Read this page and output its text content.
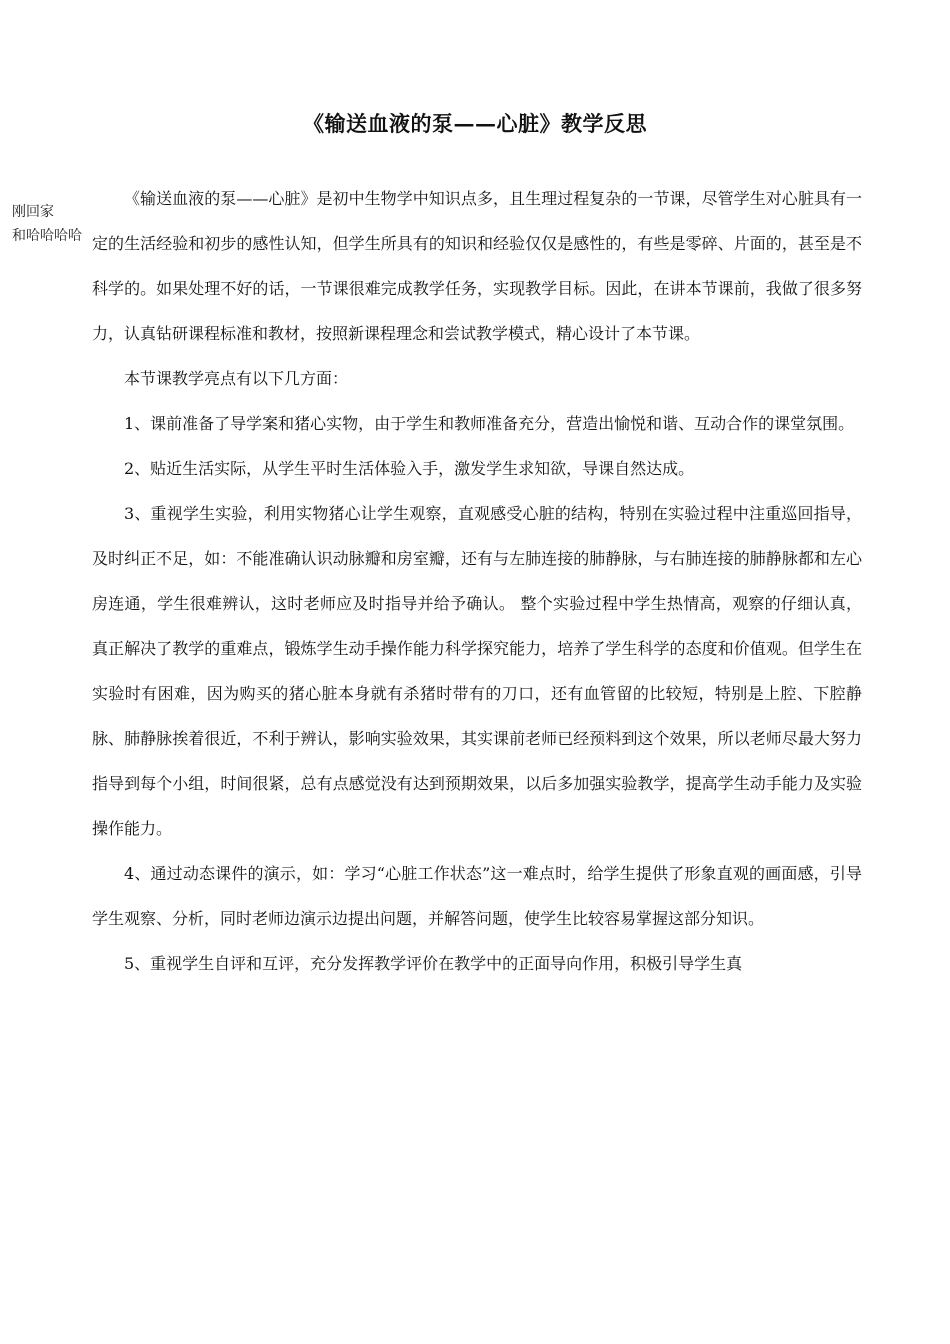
《输送血液的泵——心脏》教学反思
刚回家
和哈哈哈哈

《输送血液的泵——心脏》是初中生物学中知识点多，且生理过程复杂的一节课，尽管学生对心脏具有一定的生活经验和初步的感性认知，但学生所具有的知识和经验仅仅是感性的，有些是零碎、片面的，甚至是不科学的。如果处理不好的话，一节课很难完成教学任务，实现教学目标。因此，在讲本节课前，我做了很多努力，认真钻研课程标准和教材，按照新课程理念和尝试教学模式，精心设计了本节课。

本节课教学亮点有以下几方面：

1、课前准备了导学案和猪心实物，由于学生和教师准备充分，营造出愉悦和谐、互动合作的课堂氛围。

2、贴近生活实际，从学生平时生活体验入手，激发学生求知欲，导课自然达成。

3、重视学生实验，利用实物猪心让学生观察，直观感受心脏的结构，特别在实验过程中注重巡回指导，及时纠正不足，如：不能准确认识动脉瓣和房室瓣，还有与左肺连接的肺静脉，与右肺连接的肺静脉都和左心房连通，学生很难辨认，这时老师应及时指导并给予确认。 整个实验过程中学生热情高，观察的仔细认真，真正解决了教学的重难点，锻炼学生动手操作能力科学探究能力，培养了学生科学的态度和价值观。但学生在实验时有困难，因为购买的猪心脏本身就有杀猪时带有的刀口，还有血管留的比较短，特别是上腔、下腔静脉、肺静脉挨着很近，不利于辨认，影响实验效果，其实课前老师已经预料到这个效果，所以老师尽最大努力指导到每个小组，时间很紧，总有点感觉没有达到预期效果，以后多加强实验教学，提高学生动手能力及实验操作能力。

4、通过动态课件的演示，如：学习“心脏工作状态”这一难点时，给学生提供了形象直观的画面感，引导学生观察、分析，同时老师边演示边提出问题，并解答问题，使学生比较容易掌握这部分知识。

5、重视学生自评和互评，充分发挥教学评价在教学中的正面导向作用，积极引导学生真
